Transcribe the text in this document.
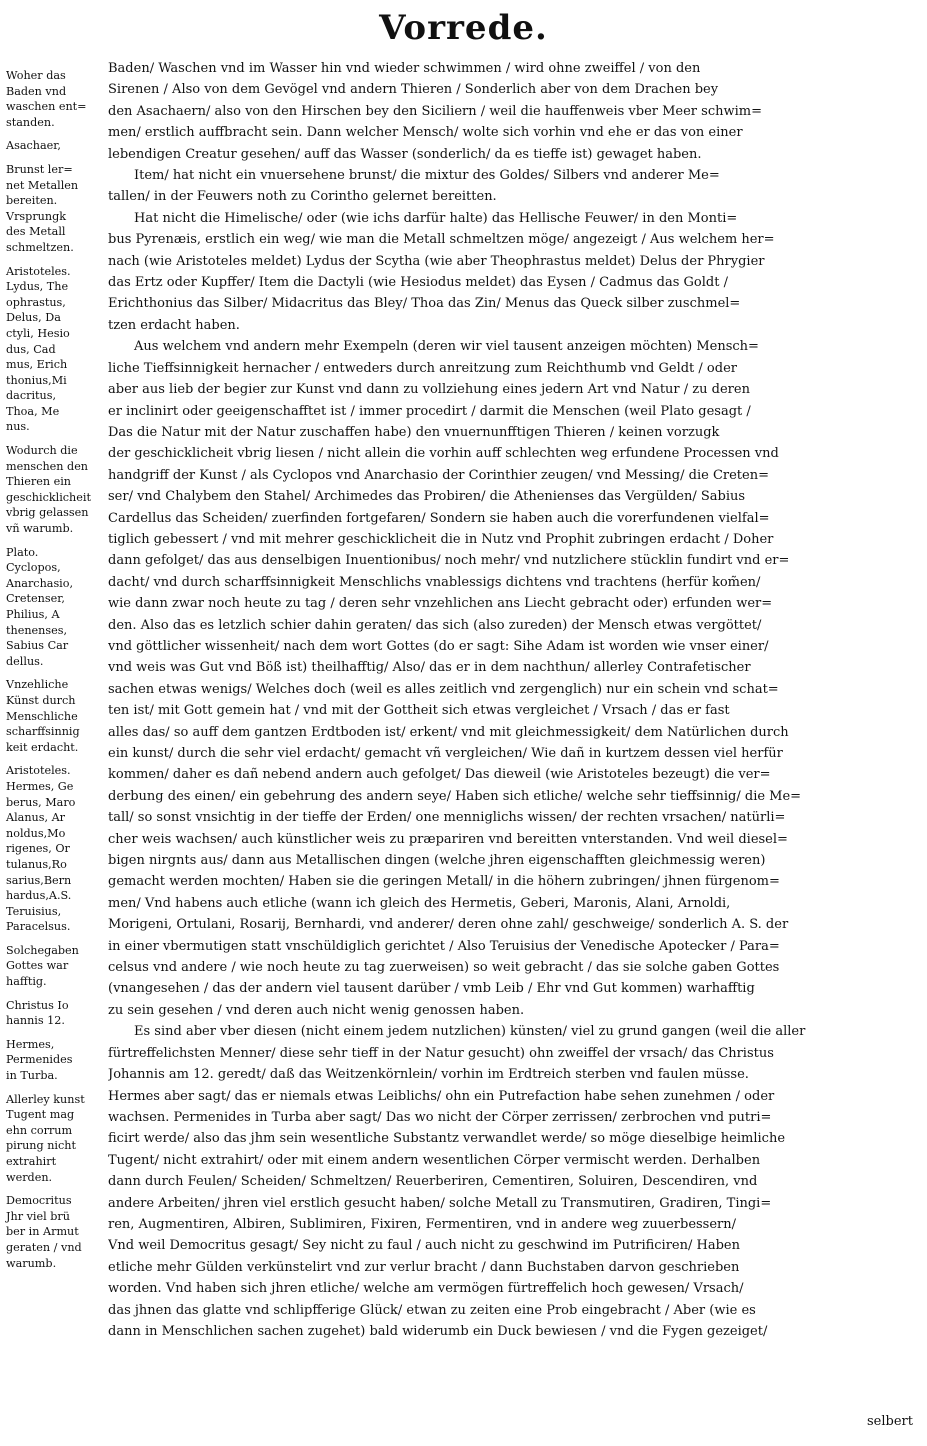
Vorrede.
Woher das
Baden vnd
waschen ent=
standen.
Asachaer,
Brunst ler=
net Metallen
bereiten.
Vrsprungk
des Metall
schmeltzen.
Aristoteles.
Lydus, The
ophrastus,
Delus, Da
ctyli, Hesio
dus, Cad
mus, Erich
thonius,Mi
dacritus,
Thoa, Me
nus.
Wodurch die
menschen den
Thieren ein
geschicklicheit
vbrig gelassen
vñ warumb.
Plato.
Cyclopos,
Anarchasio,
Cretenser,
Philius, A
thenenses,
Sabius Car
dellus.
Vnzehliche
Künst durch
Menschliche
scharffsinnig
keit erdacht.
Aristoteles.
Hermes, Ge
berus, Maro
Alanus, Ar
noldus,Mo
rigenes, Or
tulanus,Ro
sarius,Bern
hardus,A.S.
Teruisius,
Paracelsus.
Solchegaben
Gottes war
hafftig.
Christus Io
hannis 12.
Hermes,
Permenides
in Turba.
Allerley kunst
Tugent mag
ehn corrum
pirung nicht
extrahirt
werden.
Democritus
Jhr viel brü
ber in Armut
geraten / vnd
warumb.
Baden/ Waschen vnd im Wasser hin vnd wieder schwimmen / wird ohne zweiffel / von den
Sirenen / Also von dem Gevögel vnd andern Thieren / Sonderlich aber von dem Drachen bey
den Asachaern/ also von den Hirschen bey den Siciliern / weil die hauffenweis vber Meer schwim=
men/ erstlich auffbracht sein. Dann welcher Mensch/ wolte sich vorhin vnd ehe er das von einer
lebendigen Creatur gesehen/ auff das Wasser (sonderlich/ da es tieffe ist) gewaget haben.
Item/ hat nicht ein vnuersehene brunst/ die mixtur des Goldes/ Silbers vnd anderer Me=
tallen/ in der Feuwers noth zu Corintho gelernet bereitten.
Hat nicht die Himelische/ oder (wie ichs darfür halte) das Hellische Feuwer/ in den Monti=
bus Pyrenæis, erstlich ein weg/ wie man die Metall schmeltzen möge/ angezeigt / Aus welchem her=
nach (wie Aristoteles meldet) Lydus der Scytha (wie aber Theophrastus meldet) Delus der Phrygier
das Ertz oder Kupffer/ Item die Dactyli (wie Hesiodus meldet) das Eysen / Cadmus das Goldt /
Erichthonius das Silber/ Midacritus das Bley/ Thoa das Zin/ Menus das Queck silber zuschmel=
tzen erdacht haben.
Aus welchem vnd andern mehr Exempeln (deren wir viel tausent anzeigen möchten) Mensch=
liche Tieffsinnigkeit hernacher / entweders durch anreitzung zum Reichthumb vnd Geldt / oder
aber aus lieb der begier zur Kunst vnd dann zu vollziehung eines jedern Art vnd Natur / zu deren
er inclinirt oder geeigenschafftet ist / immer procedirt / darmit die Menschen (weil Plato gesagt /
Das die Natur mit der Natur zuschaffen habe) den vnuernunfftigen Thieren / keinen vorzugk
der geschicklicheit vbrig liesen / nicht allein die vorhin auff schlechten weg erfundene Processen vnd
handgriff der Kunst / als Cyclopos vnd Anarchasio der Corinthier zeugen/ vnd Messing/ die Creten=
ser/ vnd Chalybem den Stahel/ Archimedes das Probiren/ die Athenienses das Vergülden/ Sabius
Cardellus das Scheiden/ zuerfinden fortgefaren/ Sondern sie haben auch die vorerfundenen vielfal=
tiglich gebessert / vnd mit mehrer geschicklicheit die in Nutz vnd Prophit zubringen erdacht / Doher
dann gefolget/ das aus denselbigen Inuentionibus/ noch mehr/ vnd nutzlichere stücklin fundirt vnd er=
dacht/ vnd durch scharffsinnigkeit Menschlichs vnablessigs dichtens vnd trachtens (herfür kom̃en/
wie dann zwar noch heute zu tag / deren sehr vnzehlichen ans Liecht gebracht oder) erfunden wer=
den. Also das es letzlich schier dahin geraten/ das sich (also zureden) der Mensch etwas vergöttet/
vnd göttlicher wissenheit/ nach dem wort Gottes (do er sagt: Sihe Adam ist worden wie vnser einer/
vnd weis was Gut vnd Böß ist) theilhafftig/ Also/ das er in dem nachthun/ allerley Contrafetischer
sachen etwas wenigs/ Welches doch (weil es alles zeitlich vnd zergenglich) nur ein schein vnd schat=
ten ist/ mit Gott gemein hat / vnd mit der Gottheit sich etwas vergleichet / Vrsach / das er fast
alles das/ so auff dem gantzen Erdtboden ist/ erkent/ vnd mit gleichmessigkeit/ dem Natürlichen durch
ein kunst/ durch die sehr viel erdacht/ gemacht vñ vergleichen/ Wie dañ in kurtzem dessen viel herfür
kommen/ daher es dañ nebend andern auch gefolget/ Das dieweil (wie Aristoteles bezeugt) die ver=
derbung des einen/ ein gebehrung des andern seye/ Haben sich etliche/ welche sehr tieffsinnig/ die Me=
tall/ so sonst vnsichtig in der tieffe der Erden/ one menniglichs wissen/ der rechten vrsachen/ natürli=
cher weis wachsen/ auch künstlicher weis zu præpariren vnd bereitten vnterstanden. Vnd weil diesel=
bigen nirgnts aus/ dann aus Metallischen dingen (welche jhren eigenschafften gleichmessig weren)
gemacht werden mochten/ Haben sie die geringen Metall/ in die höhern zubringen/ jhnen fürgenom=
men/ Vnd habens auch etliche (wann ich gleich des Hermetis, Geberi, Maronis, Alani, Arnoldi,
Morigeni, Ortulani, Rosarij, Bernhardi, vnd anderer/ deren ohne zahl/ geschweige/ sonderlich A. S. der
in einer vbermutigen statt vnschüldiglich gerichtet / Also Teruisius der Venedische Apotecker / Para=
celsus vnd andere / wie noch heute zu tag zuerweisen) so weit gebracht / das sie solche gaben Gottes
(vnangesehen / das der andern viel tausent darüber / vmb Leib / Ehr vnd Gut kommen) warhafftig
zu sein gesehen / vnd deren auch nicht wenig genossen haben.
Es sind aber vber diesen (nicht einem jedem nutzlichen) künsten/ viel zu grund gangen (weil die aller
fürtreffelichsten Menner/ diese sehr tieff in der Natur gesucht) ohn zweiffel der vrsach/ das Christus
Johannis am 12. geredt/ daß das Weitzenkörnlein/ vorhin im Erdtreich sterben vnd faulen müsse.
Hermes aber sagt/ das er niemals etwas Leiblichs/ ohn ein Putrefaction habe sehen zunehmen / oder
wachsen. Permenides in Turba aber sagt/ Das wo nicht der Cörper zerrissen/ zerbrochen vnd putri=
ficirt werde/ also das jhm sein wesentliche Substantz verwandlet werde/ so möge dieselbige heimliche
Tugent/ nicht extrahirt/ oder mit einem andern wesentlichen Cörper vermischt werden. Derhalben
dann durch Feulen/ Scheiden/ Schmeltzen/ Reuerberiren, Cementiren, Soluiren, Descendiren, vnd
andere Arbeiten/ jhren viel erstlich gesucht haben/ solche Metall zu Transmutiren, Gradiren, Tingi=
ren, Augmentiren, Albiren, Sublimiren, Fixiren, Fermentiren, vnd in andere weg zuuerbessern/
Vnd weil Democritus gesagt/ Sey nicht zu faul / auch nicht zu geschwind im Putrificiren/ Haben
etliche mehr Gülden verkünstelirt vnd zur verlur bracht / dann Buchstaben darvon geschrieben
worden. Vnd haben sich jhren etliche/ welche am vermögen fürtreffelich hoch gewesen/ Vrsach/
das jhnen das glatte vnd schlipfferige Glück/ etwan zu zeiten eine Prob eingebracht / Aber (wie es
dann in Menschlichen sachen zugehet) bald widerumb ein Duck bewiesen / vnd die Fygen gezeiget/
selbert
